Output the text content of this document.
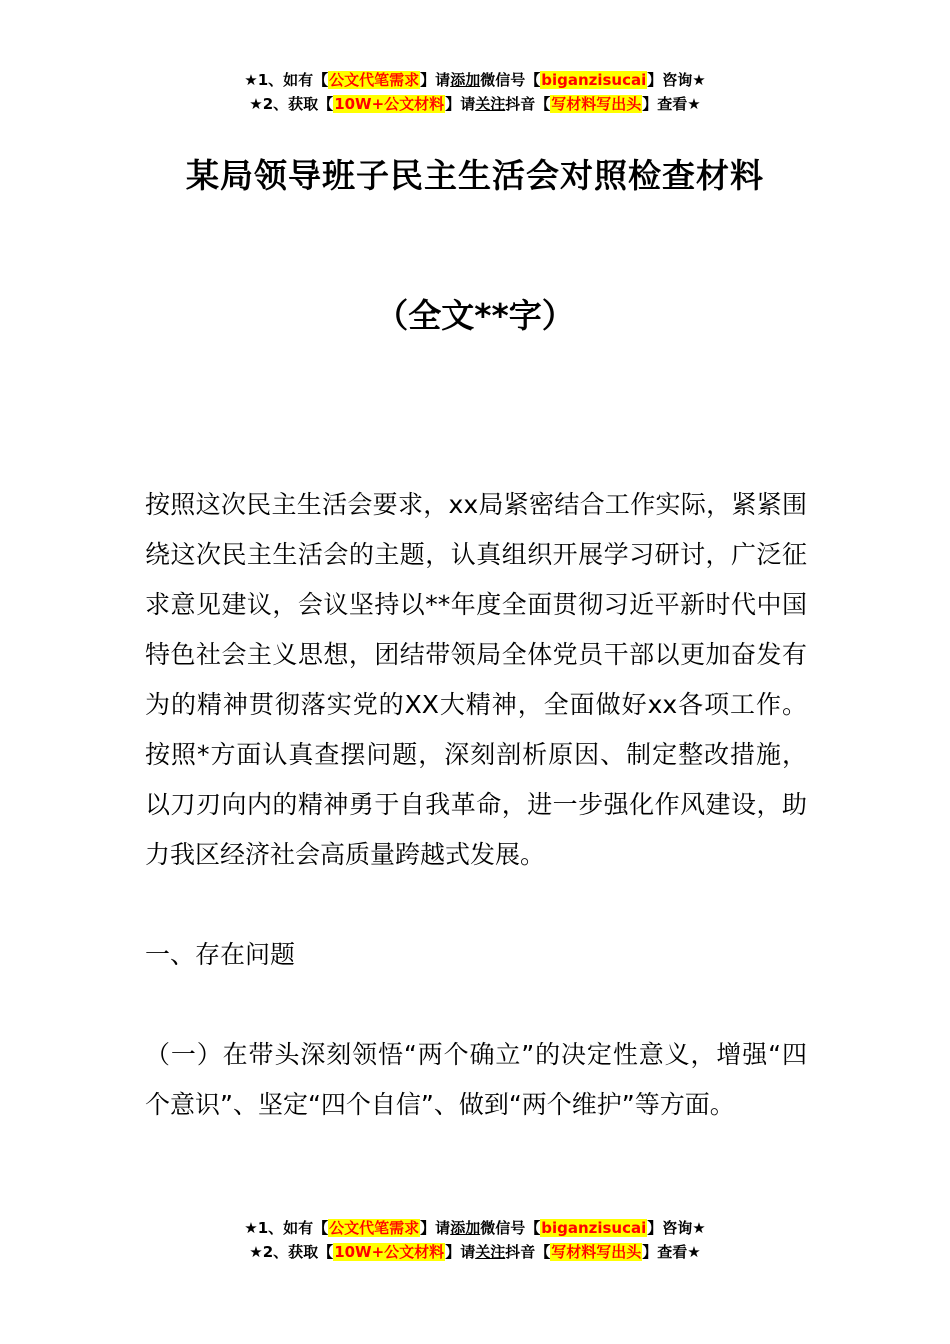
★1、如有【公文代笔需求】请添加微信号【biganzisucai】咨询★
★2、获取【10W+公文材料】请关注抖音【写材料写出头】查看★
某局领导班子民主生活会对照检查材料
（全文**字）

按照这次民主生活会要求，xx局紧密结合工作实际，紧紧围绕这次民主生活会的主题，认真组织开展学习研讨，广泛征求意见建议，会议坚持以**年度全面贯彻习近平新时代中国特色社会主义思想，团结带领局全体党员干部以更加奋发有为的精神贯彻落实党的XX大精神，全面做好xx各项工作。按照*方面认真查摆问题，深刻剖析原因、制定整改措施，以刀刃向内的精神勇于自我革命，进一步强化作风建设，助力我区经济社会高质量跨越式发展。

一、存在问题

（一）在带头深刻领悟“两个确立”的决定性意义，增强“四个意识”、坚定“四个自信”、做到“两个维护”等方面。

★1、如有【公文代笔需求】请添加微信号【biganzisucai】咨询★
★2、获取【10W+公文材料】请关注抖音【写材料写出头】查看★
